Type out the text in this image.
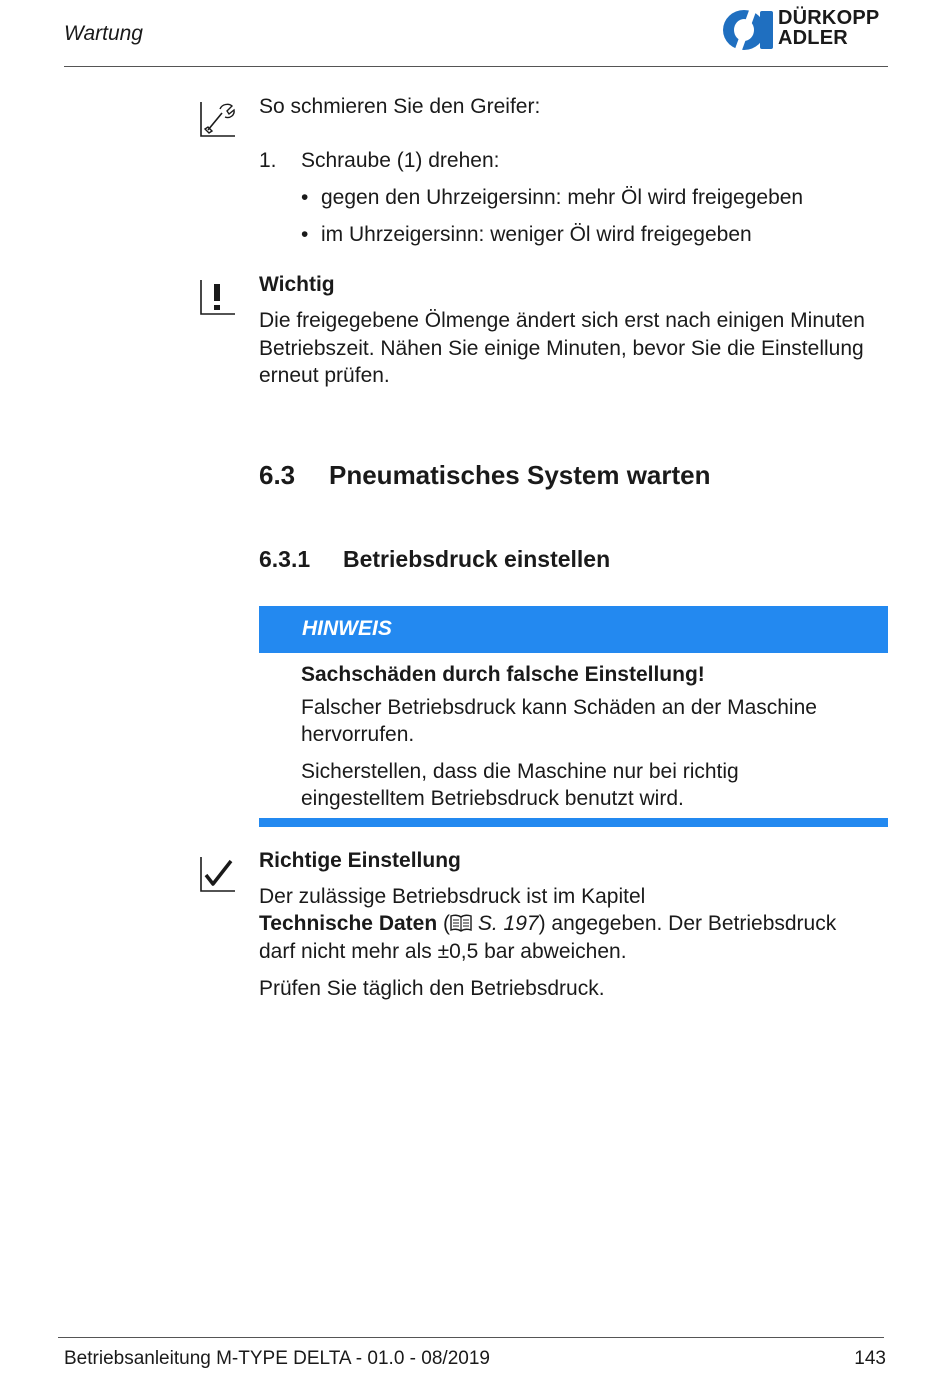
Wartung
DÜRKOPP
ADLER
So schmieren Sie den Greifer:
1. Schraube (1) drehen:
• gegen den Uhrzeigersinn: mehr Öl wird freigegeben
• im Uhrzeigersinn: weniger Öl wird freigegeben
Wichtig
Die freigegebene Ölmenge ändert sich erst nach einigen Minuten
Betriebszeit. Nähen Sie einige Minuten, bevor Sie die Einstellung
erneut prüfen.
6.3 Pneumatisches System warten
6.3.1 Betriebsdruck einstellen
HINWEIS
Sachschäden durch falsche Einstellung!
Falscher Betriebsdruck kann Schäden an der Maschine
hervorrufen.
Sicherstellen, dass die Maschine nur bei richtig
eingestelltem Betriebsdruck benutzt wird.
Richtige Einstellung
Der zulässige Betriebsdruck ist im Kapitel
Technische Daten ( S. 197) angegeben. Der Betriebsdruck
darf nicht mehr als ±0,5 bar abweichen.
Prüfen Sie täglich den Betriebsdruck.
Betriebsanleitung M-TYPE DELTA - 01.0 - 08/2019	143
